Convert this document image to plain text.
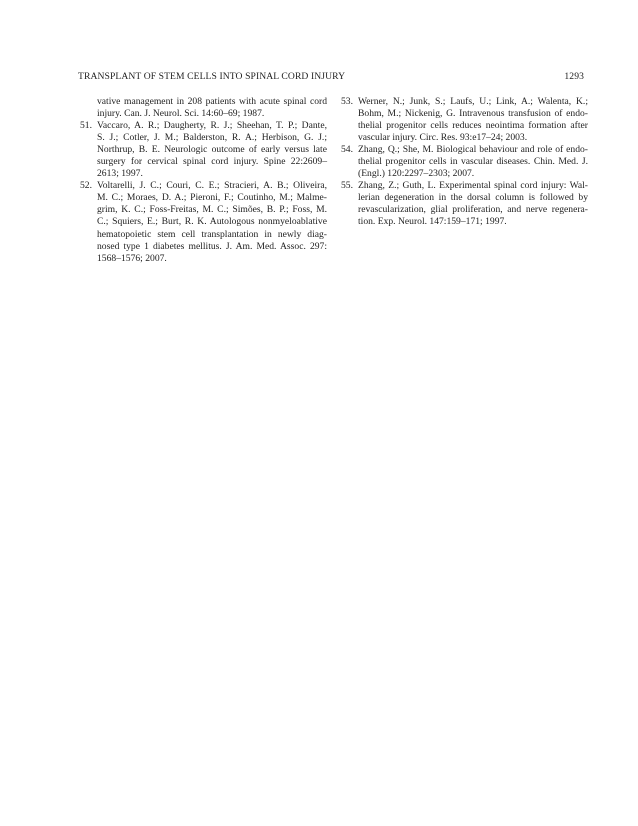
TRANSPLANT OF STEM CELLS INTO SPINAL CORD INJURY	1293
vative management in 208 patients with acute spinal cord
injury. Can. J. Neurol. Sci. 14:60–69; 1987.
51. Vaccaro, A. R.; Daugherty, R. J.; Sheehan, T. P.; Dante,
S. J.; Cotler, J. M.; Balderston, R. A.; Herbison, G. J.;
Northrup, B. E. Neurologic outcome of early versus late
surgery for cervical spinal cord injury. Spine 22:2609–
2613; 1997.
52. Voltarelli, J. C.; Couri, C. E.; Stracieri, A. B.; Oliveira,
M. C.; Moraes, D. A.; Pieroni, F.; Coutinho, M.; Malme-
grim, K. C.; Foss-Freitas, M. C.; Simões, B. P.; Foss, M.
C.; Squiers, E.; Burt, R. K. Autologous nonmyeloablative
hematopoietic stem cell transplantation in newly diag-
nosed type 1 diabetes mellitus. J. Am. Med. Assoc. 297:
1568–1576; 2007.
53. Werner, N.; Junk, S.; Laufs, U.; Link, A.; Walenta, K.;
Bohm, M.; Nickenig, G. Intravenous transfusion of endo-
thelial progenitor cells reduces neointima formation after
vascular injury. Circ. Res. 93:e17–24; 2003.
54. Zhang, Q.; She, M. Biological behaviour and role of endo-
thelial progenitor cells in vascular diseases. Chin. Med. J.
(Engl.) 120:2297–2303; 2007.
55. Zhang, Z.; Guth, L. Experimental spinal cord injury: Wal-
lerian degeneration in the dorsal column is followed by
revascularization, glial proliferation, and nerve regenera-
tion. Exp. Neurol. 147:159–171; 1997.
